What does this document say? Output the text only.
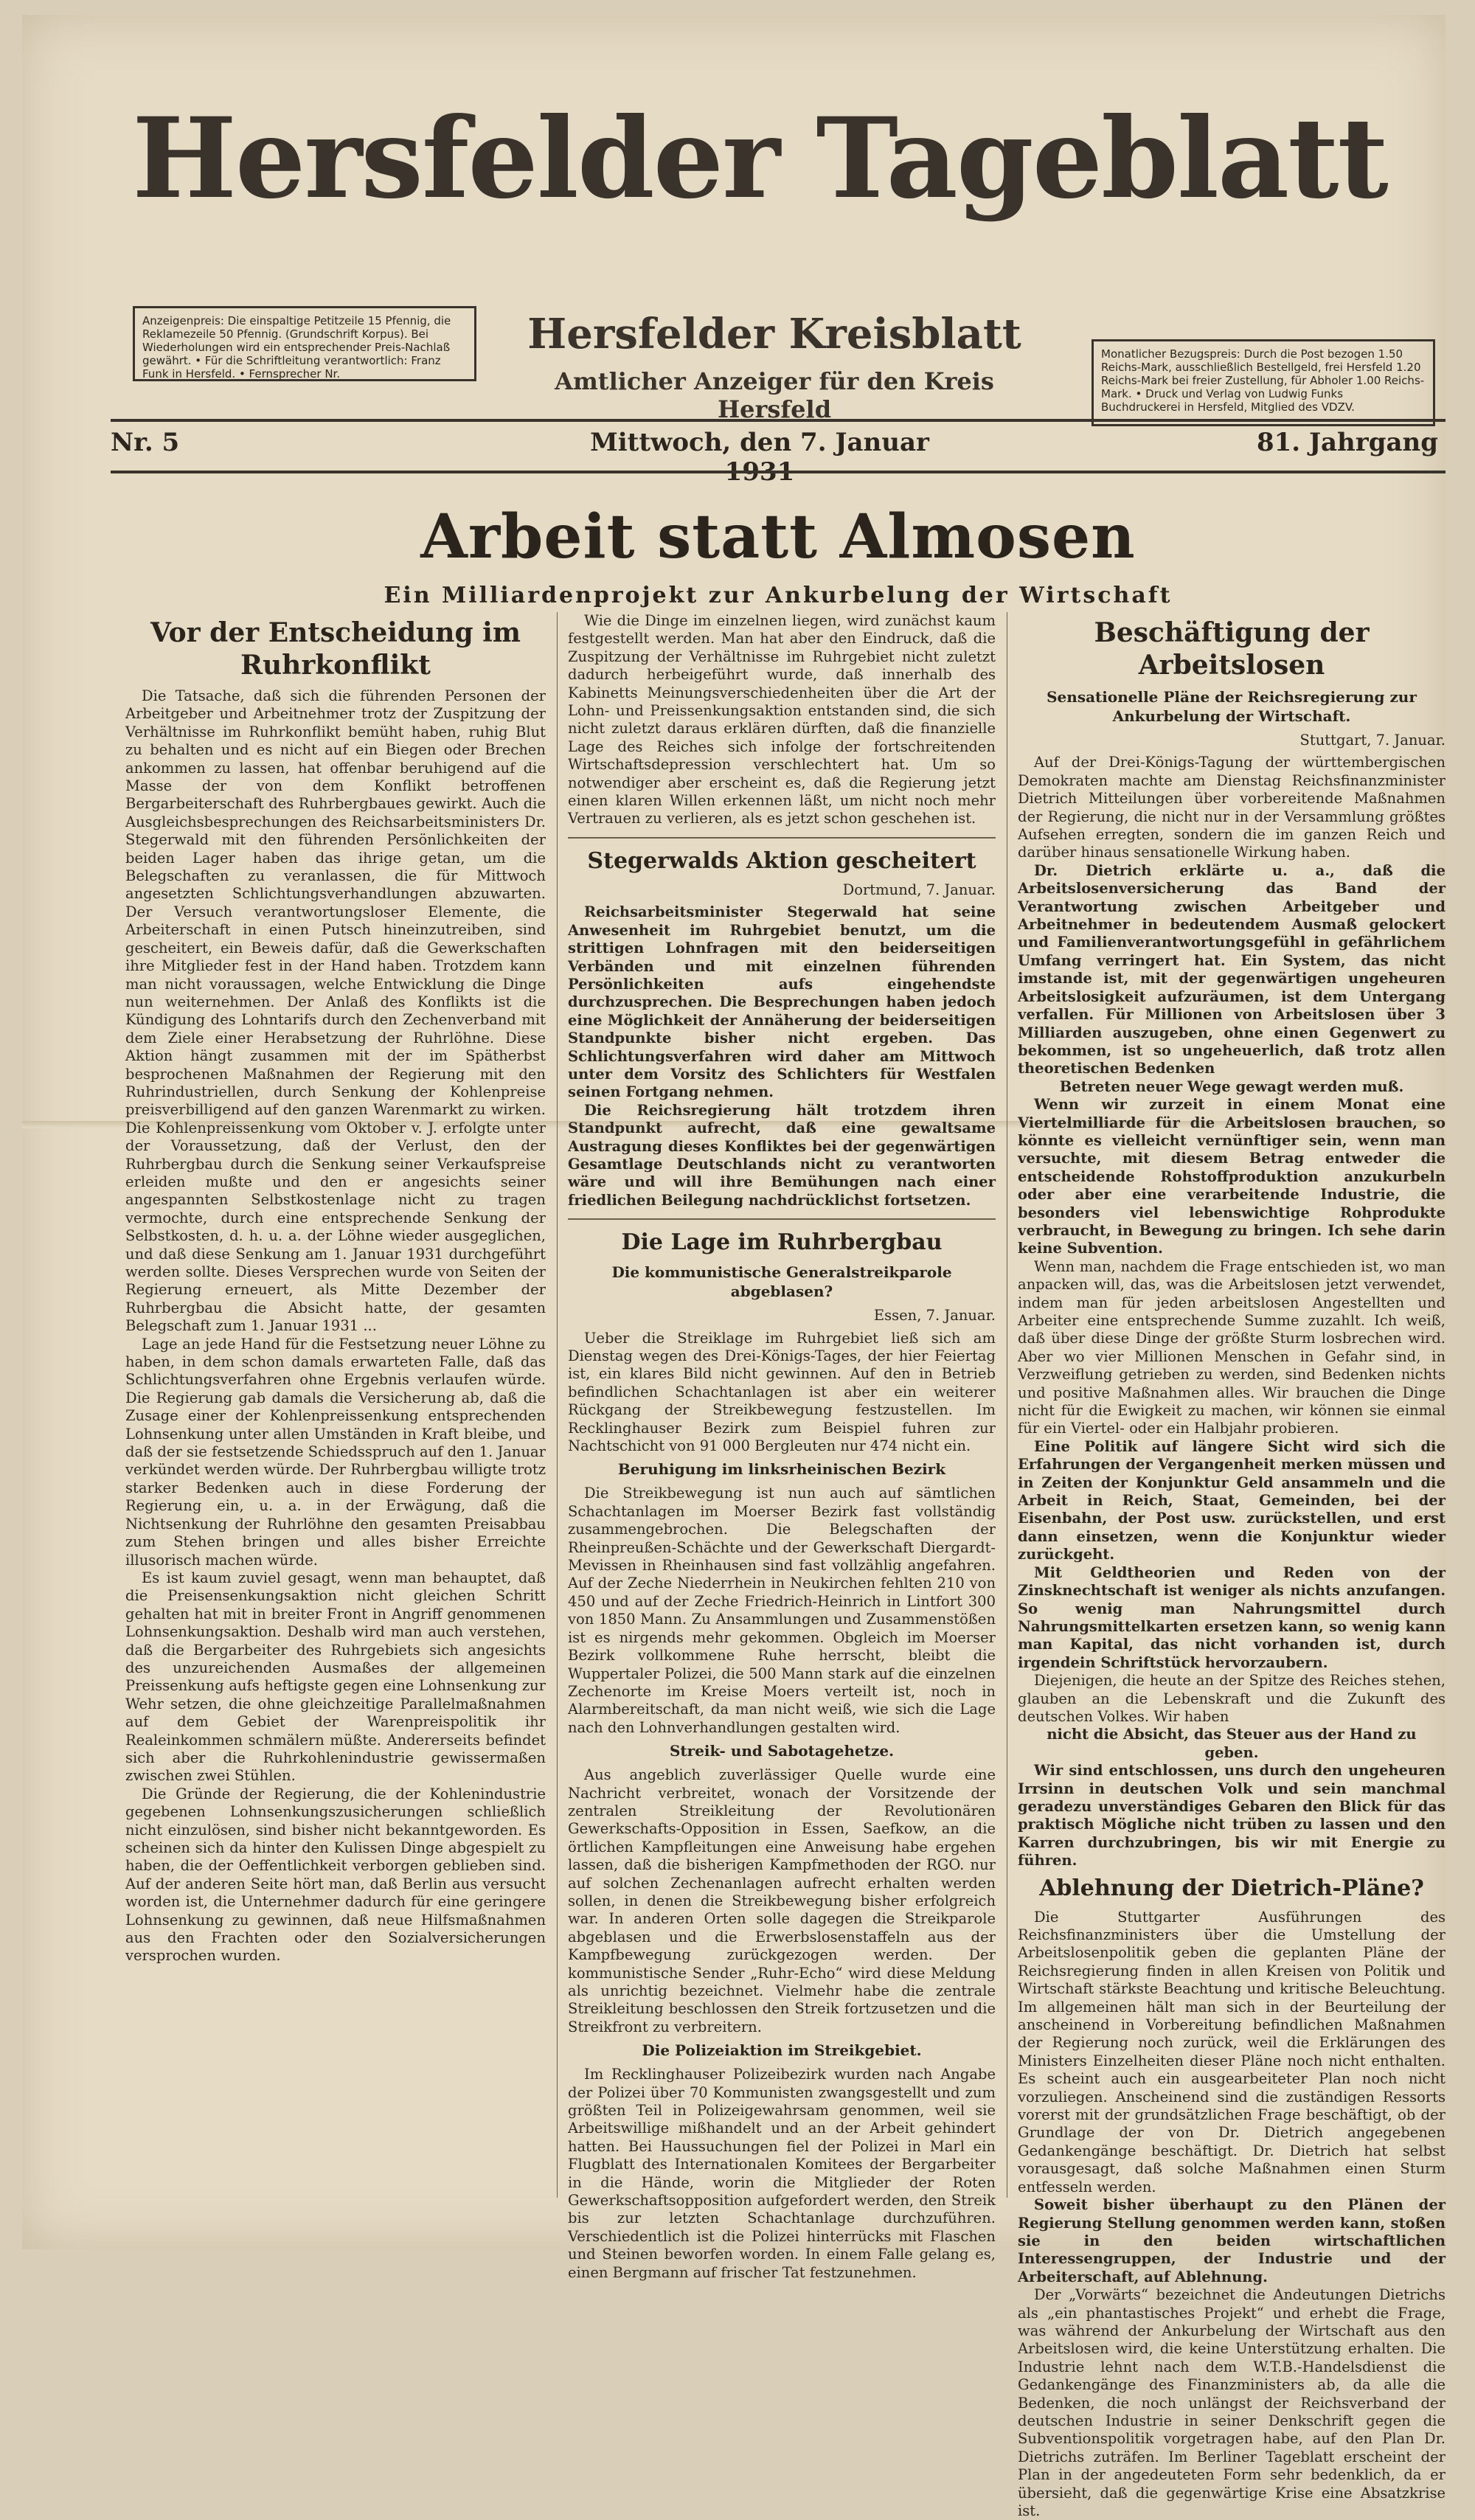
Hersfelder Tageblatt
Anzeigenpreis: Die einspaltige Petitzeile 15 Pfennig, die Reklamezeile 50 Pfennig. (Grundschrift Korpus). Bei Wiederholungen wird ein entsprechender Preis-Nachlaß gewährt. • Für die Schriftleitung verantwortlich: Franz Funk in Hersfeld. • Fernsprecher Nr.
Hersfelder Kreisblatt
Amtlicher Anzeiger für den Kreis Hersfeld
Monatlicher Bezugspreis: Durch die Post bezogen 1.50 Reichs-Mark, ausschließlich Bestellgeld, frei Hersfeld 1.20 Reichs-Mark bei freier Zustellung, für Abholer 1.00 Reichs-Mark. • Druck und Verlag von Ludwig Funks Buchdruckerei in Hersfeld, Mitglied des VDZV.
Nr. 5	Mittwoch, den 7. Januar 1931
81. Jahrgang
Arbeit statt Almosen
Ein Milliardenprojekt zur Ankurbelung der Wirtschaft
Vor der Entscheidung im Ruhrkonflikt

Die Tatsache, daß sich die führenden Personen der Arbeitgeber und Arbeitnehmer trotz der Zuspitzung der Verhältnisse im Ruhrkonflikt bemüht haben, ruhig Blut zu behalten und es nicht auf ein Biegen oder Brechen ankommen zu lassen, hat offenbar beruhigend auf die Masse der von dem Konflikt betroffenen Bergarbeiterschaft des Ruhrbergbaues gewirkt. Auch die Ausgleichsbesprechungen des Reichsarbeitsministers Dr. Stegerwald mit den führenden Persönlichkeiten der beiden Lager haben das ihrige getan, um die Belegschaften zu veranlassen, die für Mittwoch angesetzten Schlichtungsverhandlungen abzuwarten. Der Versuch verantwortungsloser Elemente, die Arbeiterschaft in einen Putsch hineinzutreiben, sind gescheitert, ein Beweis dafür, daß die Gewerkschaften ihre Mitglieder fest in der Hand haben. Trotzdem kann man nicht voraussagen, welche Entwicklung die Dinge nun weiternehmen. Der Anlaß des Konflikts ist die Kündigung des Lohntarifs durch den Zechenverband mit dem Ziele einer Herabsetzung der Ruhrlöhne. Diese Aktion hängt zusammen mit der im Spätherbst besprochenen Maßnahmen der Regierung mit den Ruhrindustriellen, durch Senkung der Kohlenpreise preisverbilligend auf den ganzen Warenmarkt zu wirken. Die Kohlenpreissenkung vom Oktober v. J. erfolgte unter der Voraussetzung, daß der Verlust, den der Ruhrbergbau durch die Senkung seiner Verkaufspreise erleiden mußte und den er angesichts seiner angespannten Selbstkostenlage nicht zu tragen vermochte, durch eine entsprechende Senkung der Selbstkosten, d. h. u. a. der Löhne wieder ausgeglichen, und daß diese Senkung am 1. Januar 1931 durchgeführt werden sollte. Dieses Versprechen wurde von Seiten der Regierung erneuert, als Mitte Dezember der Ruhrbergbau die Absicht hatte, der gesamten Belegschaft zum 1. Januar 1931 ...

Lage an jede Hand für die Festsetzung neuer Löhne zu haben, in dem schon damals erwarteten Falle, daß das Schlichtungsverfahren ohne Ergebnis verlaufen würde. Die Regierung gab damals die Versicherung ab, daß die Zusage einer der Kohlenpreissenkung entsprechenden Lohnsenkung unter allen Umständen in Kraft bleibe, und daß der sie festsetzende Schiedsspruch auf den 1. Januar verkündet werden würde. Der Ruhrbergbau willigte trotz starker Bedenken auch in diese Forderung der Regierung ein, u. a. in der Erwägung, daß die Nichtsenkung der Ruhrlöhne den gesamten Preisabbau zum Stehen bringen und alles bisher Erreichte illusorisch machen würde.

Es ist kaum zuviel gesagt, wenn man behauptet, daß die Preisensenkungsaktion nicht gleichen Schritt gehalten hat mit in breiter Front in Angriff genommenen Lohnsenkungsaktion. Deshalb wird man auch verstehen, daß die Bergarbeiter des Ruhrgebiets sich angesichts des unzureichenden Ausmaßes der allgemeinen Preissenkung aufs heftigste gegen eine Lohnsenkung zur Wehr setzen, die ohne gleichzeitige Parallelmaßnahmen auf dem Gebiet der Warenpreispolitik ihr Realeinkommen schmälern müßte. Andererseits befindet sich aber die Ruhrkohlenindustrie gewissermaßen zwischen zwei Stühlen.

Die Gründe der Regierung, die der Kohlenindustrie gegebenen Lohnsenkungszusicherungen schließlich nicht einzulösen, sind bisher nicht bekanntgeworden. Es scheinen sich da hinter den Kulissen Dinge abgespielt zu haben, die der Oeffentlichkeit verborgen geblieben sind. Auf der anderen Seite hört man, daß Berlin aus versucht worden ist, die Unternehmer dadurch für eine geringere Lohnsenkung zu gewinnen, daß neue Hilfsmaßnahmen aus den Frachten oder den Sozialversicherungen versprochen wurden.

Wie die Dinge im einzelnen liegen, wird zunächst kaum festgestellt werden. Man hat aber den Eindruck, daß die Zuspitzung der Verhältnisse im Ruhrgebiet nicht zuletzt dadurch herbeigeführt wurde, daß innerhalb des Kabinetts Meinungsverschiedenheiten über die Art der Lohn- und Preissenkungsaktion entstanden sind, die sich nicht zuletzt daraus erklären dürften, daß die finanzielle Lage des Reiches sich infolge der fortschreitenden Wirtschaftsdepression verschlechtert hat. Um so notwendiger aber erscheint es, daß die Regierung jetzt einen klaren Willen erkennen läßt, um nicht noch mehr Vertrauen zu verlieren, als es jetzt schon geschehen ist.

Stegerwalds Aktion gescheitert
Dortmund, 7. Januar.

Reichsarbeitsminister Stegerwald hat seine Anwesenheit im Ruhrgebiet benutzt, um die strittigen Lohnfragen mit den beiderseitigen Verbänden und mit einzelnen führenden Persönlichkeiten aufs eingehendste durchzusprechen. Die Besprechungen haben jedoch eine Möglichkeit der Annäherung der beiderseitigen Standpunkte bisher nicht ergeben. Das Schlichtungsverfahren wird daher am Mittwoch unter dem Vorsitz des Schlichters für Westfalen seinen Fortgang nehmen.

Die Reichsregierung hält trotzdem ihren Standpunkt aufrecht, daß eine gewaltsame Austragung dieses Konfliktes bei der gegenwärtigen Gesamtlage Deutschlands nicht zu verantworten wäre und will ihre Bemühungen nach einer friedlichen Beilegung nachdrücklichst fortsetzen.

Die Lage im Ruhrbergbau
Die kommunistische Generalstreikparole abgeblasen?
Essen, 7. Januar.

Ueber die Streiklage im Ruhrgebiet ließ sich am Dienstag wegen des Drei-Königs-Tages, der hier Feiertag ist, ein klares Bild nicht gewinnen. Auf den in Betrieb befindlichen Schachtanlagen ist aber ein weiterer Rückgang der Streikbewegung festzustellen. Im Recklinghauser Bezirk zum Beispiel fuhren zur Nachtschicht von 91 000 Bergleuten nur 474 nicht ein.

Beruhigung im linksrheinischen Bezirk

Die Streikbewegung ist nun auch auf sämtlichen Schachtanlagen im Moerser Bezirk fast vollständig zusammengebrochen. Die Belegschaften der Rheinpreußen-Schächte und der Gewerkschaft Diergardt-Mevissen in Rheinhausen sind fast vollzählig angefahren. Auf der Zeche Niederrhein in Neukirchen fehlten 210 von 450 und auf der Zeche Friedrich-Heinrich in Lintfort 300 von 1850 Mann. Zu Ansammlungen und Zusammenstößen ist es nirgends mehr gekommen. Obgleich im Moerser Bezirk vollkommene Ruhe herrscht, bleibt die Wuppertaler Polizei, die 500 Mann stark auf die einzelnen Zechenorte im Kreise Moers verteilt ist, noch in Alarmbereitschaft, da man nicht weiß, wie sich die Lage nach den Lohnverhandlungen gestalten wird.

Streik- und Sabotagehetze.

Aus angeblich zuverlässiger Quelle wurde eine Nachricht verbreitet, wonach der Vorsitzende der zentralen Streikleitung der Revolutionären Gewerkschafts-Opposition in Essen, Saefkow, an die örtlichen Kampfleitungen eine Anweisung habe ergehen lassen, daß die bisherigen Kampfmethoden der RGO. nur auf solchen Zechenanlagen aufrecht erhalten werden sollen, in denen die Streikbewegung bisher erfolgreich war. In anderen Orten solle dagegen die Streikparole abgeblasen und die Erwerbslosenstaffeln aus der Kampfbewegung zurückgezogen werden. Der kommunistische Sender „Ruhr-Echo“ wird diese Meldung als unrichtig bezeichnet. Vielmehr habe die zentrale Streikleitung beschlossen den Streik fortzusetzen und die Streikfront zu verbreitern.

Die Polizeiaktion im Streikgebiet.

Im Recklinghauser Polizeibezirk wurden nach Angabe der Polizei über 70 Kommunisten zwangsgestellt und zum größten Teil in Polizeigewahrsam genommen, weil sie Arbeitswillige mißhandelt und an der Arbeit gehindert hatten. Bei Haussuchungen fiel der Polizei in Marl ein Flugblatt des Internationalen Komitees der Bergarbeiter in die Hände, worin die Mitglieder der Roten Gewerkschaftsopposition aufgefordert werden, den Streik bis zur letzten Schachtanlage durchzuführen. Verschiedentlich ist die Polizei hinterrücks mit Flaschen und Steinen beworfen worden. In einem Falle gelang es, einen Bergmann auf frischer Tat festzunehmen.

Beschäftigung der Arbeitslosen
Sensationelle Pläne der Reichsregierung zur Ankurbelung der Wirtschaft.
Stuttgart, 7. Januar.

Auf der Drei-Königs-Tagung der württembergischen Demokraten machte am Dienstag Reichsfinanzminister Dietrich Mitteilungen über vorbereitende Maßnahmen der Regierung, die nicht nur in der Versammlung größtes Aufsehen erregten, sondern die im ganzen Reich und darüber hinaus sensationelle Wirkung haben.

Dr. Dietrich erklärte u. a., daß die Arbeitslosenversicherung das Band der Verantwortung zwischen Arbeitgeber und Arbeitnehmer in bedeutendem Ausmaß gelockert und Familienverantwortungsgefühl in gefährlichem Umfang verringert hat. Ein System, das nicht imstande ist, mit der gegenwärtigen ungeheuren Arbeitslosigkeit aufzuräumen, ist dem Untergang verfallen. Für Millionen von Arbeitslosen über 3 Milliarden auszugeben, ohne einen Gegenwert zu bekommen, ist so ungeheuerlich, daß trotz allen theoretischen Bedenken

Betreten neuer Wege gewagt werden muß.

Wenn wir zurzeit in einem Monat eine Viertelmilliarde für die Arbeitslosen brauchen, so könnte es vielleicht vernünftiger sein, wenn man versuchte, mit diesem Betrag entweder die entscheidende Rohstoffproduktion anzukurbeln oder aber eine verarbeitende Industrie, die besonders viel lebenswichtige Rohprodukte verbraucht, in Bewegung zu bringen. Ich sehe darin keine Subvention.

Wenn man, nachdem die Frage entschieden ist, wo man anpacken will, das, was die Arbeitslosen jetzt verwendet, indem man für jeden arbeitslosen Angestellten und Arbeiter eine entsprechende Summe zuzahlt. Ich weiß, daß über diese Dinge der größte Sturm losbrechen wird. Aber wo vier Millionen Menschen in Gefahr sind, in Verzweiflung getrieben zu werden, sind Bedenken nichts und positive Maßnahmen alles. Wir brauchen die Dinge nicht für die Ewigkeit zu machen, wir können sie einmal für ein Viertel- oder ein Halbjahr probieren.

Eine Politik auf längere Sicht wird sich die Erfahrungen der Vergangenheit merken müssen und in Zeiten der Konjunktur Geld ansammeln und die Arbeit in Reich, Staat, Gemeinden, bei der Eisenbahn, der Post usw. zurückstellen, und erst dann einsetzen, wenn die Konjunktur wieder zurückgeht.

Mit Geldtheorien und Reden von der Zinsknechtschaft ist weniger als nichts anzufangen. So wenig man Nahrungsmittel durch Nahrungsmittelkarten ersetzen kann, so wenig kann man Kapital, das nicht vorhanden ist, durch irgendein Schriftstück hervorzaubern.

Diejenigen, die heute an der Spitze des Reiches stehen, glauben an die Lebenskraft und die Zukunft des deutschen Volkes. Wir haben

nicht die Absicht, das Steuer aus der Hand zu geben.

Wir sind entschlossen, uns durch den ungeheuren Irrsinn in deutschen Volk und sein manchmal geradezu unverständiges Gebaren den Blick für das praktisch Mögliche nicht trüben zu lassen und den Karren durchzubringen, bis wir mit Energie zu führen.

Ablehnung der Dietrich-Pläne?

Die Stuttgarter Ausführungen des Reichsfinanzministers über die Umstellung der Arbeitslosenpolitik geben die geplanten Pläne der Reichsregierung finden in allen Kreisen von Politik und Wirtschaft stärkste Beachtung und kritische Beleuchtung. Im allgemeinen hält man sich in der Beurteilung der anscheinend in Vorbereitung befindlichen Maßnahmen der Regierung noch zurück, weil die Erklärungen des Ministers Einzelheiten dieser Pläne noch nicht enthalten. Es scheint auch ein ausgearbeiteter Plan noch nicht vorzuliegen. Anscheinend sind die zuständigen Ressorts vorerst mit der grundsätzlichen Frage beschäftigt, ob der Grundlage der von Dr. Dietrich angegebenen Gedankengänge beschäftigt. Dr. Dietrich hat selbst vorausgesagt, daß solche Maßnahmen einen Sturm entfesseln werden.

Soweit bisher überhaupt zu den Plänen der Regierung Stellung genommen werden kann, stoßen sie in den beiden wirtschaftlichen Interessengruppen, der Industrie und der Arbeiterschaft, auf Ablehnung.

Der „Vorwärts“ bezeichnet die Andeutungen Dietrichs als „ein phantastisches Projekt“ und erhebt die Frage, was während der Ankurbelung der Wirtschaft aus den Arbeitslosen wird, die keine Unterstützung erhalten. Die Industrie lehnt nach dem W.T.B.-Handelsdienst die Gedankengänge des Finanzministers ab, da alle die Bedenken, die noch unlängst der Reichsverband der deutschen Industrie in seiner Denkschrift gegen die Subventionspolitik vorgetragen habe, auf den Plan Dr. Dietrichs zuträfen. Im Berliner Tageblatt erscheint der Plan in der angedeuteten Form sehr bedenklich, da er übersieht, daß die gegenwärtige Krise eine Absatzkrise ist.
